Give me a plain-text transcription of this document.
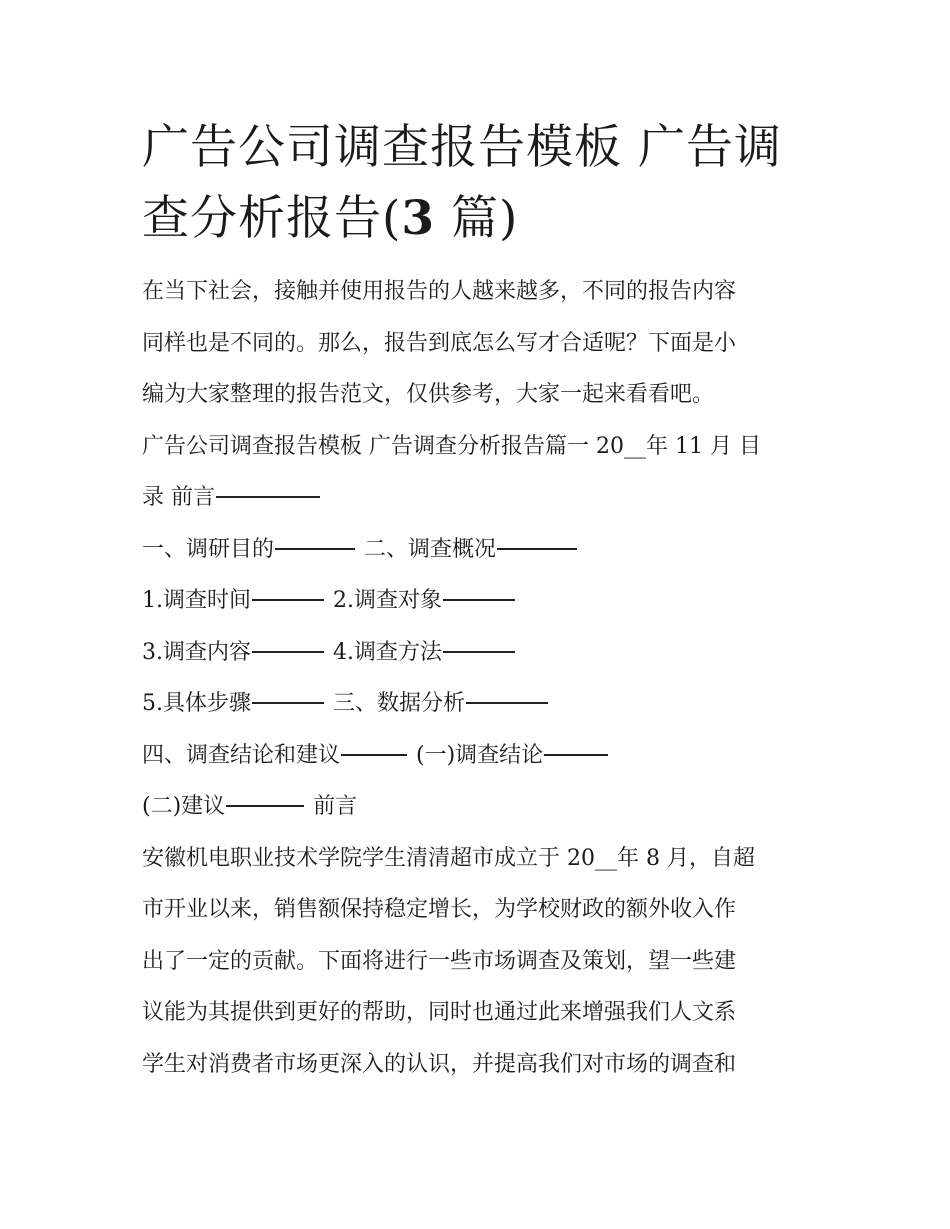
广告公司调查报告模板 广告调
查分析报告(3 篇)
在当下社会，接触并使用报告的人越来越多，不同的报告内容
同样也是不同的。那么，报告到底怎么写才合适呢？下面是小
编为大家整理的报告范文，仅供参考，大家一起来看看吧。
广告公司调查报告模板 广告调查分析报告篇一 20__年 11 月 目
录 前言
一、调研目的	二、调查概况
1.调查时间	2.调查对象
3.调查内容	4.调查方法
5.具体步骤	三、数据分析
四、调查结论和建议	(一)调查结论
(二)建议	前言
安徽机电职业技术学院学生清清超市成立于 20__年 8 月，自超
市开业以来，销售额保持稳定增长，为学校财政的额外收入作
出了一定的贡献。下面将进行一些市场调查及策划，望一些建
议能为其提供到更好的帮助，同时也通过此来增强我们人文系
学生对消费者市场更深入的认识，并提高我们对市场的调查和
